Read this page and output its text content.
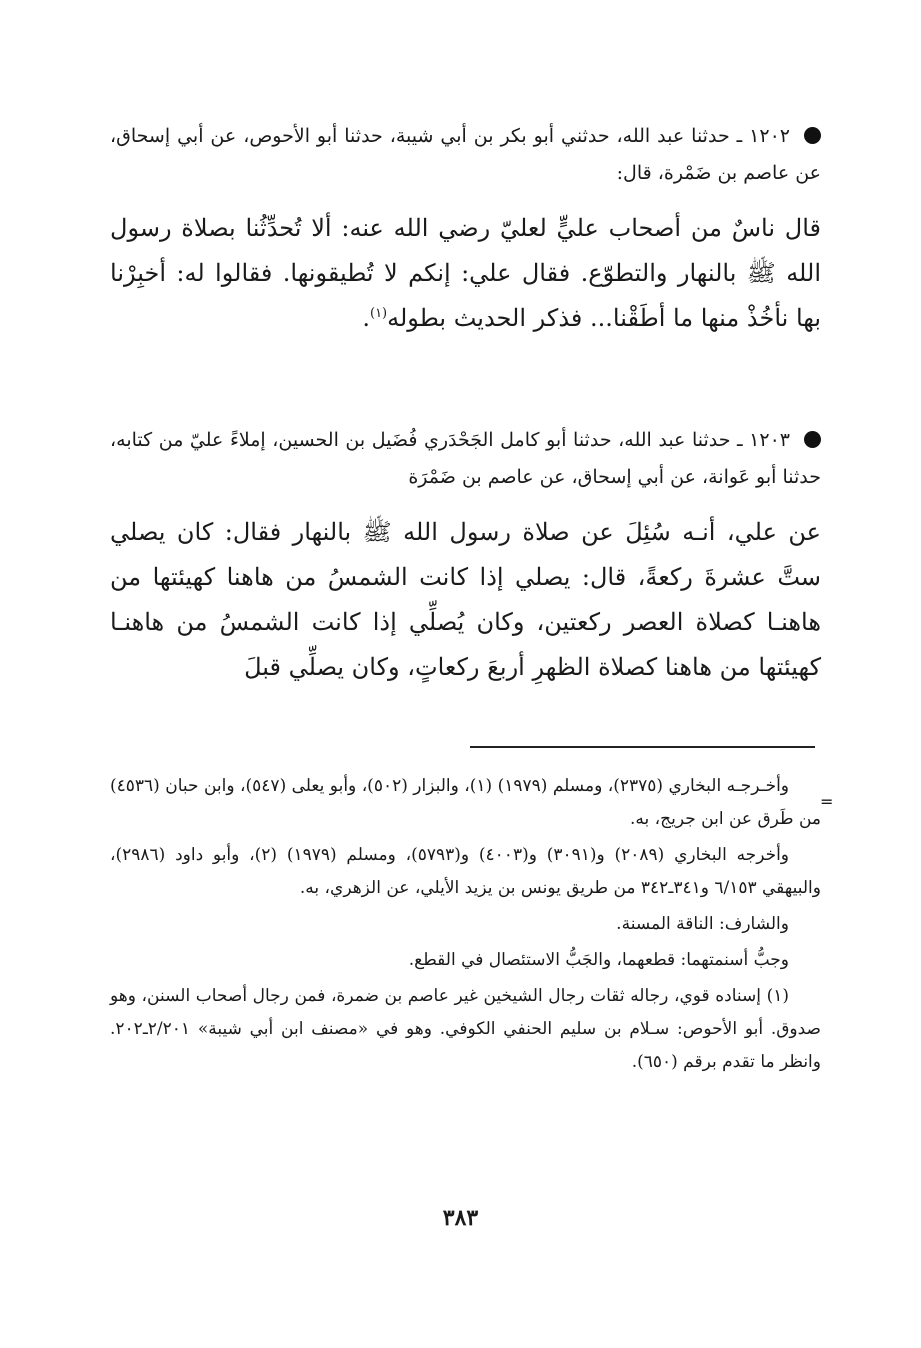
١٢٠٢ ـ حدثنا عبد الله، حدثني أبو بكر بن أبي شيبة، حدثنا أبو الأحوص، عن أبي إسحاق، عن عاصم بن ضَمْرة، قال:
قال ناسٌ من أصحاب عليٍّ لعليّ رضي الله عنه: ألا تُحدِّثُنا بصلاة رسول الله ﷺ بالنهار والتطوّع. فقال علي: إنكم لا تُطيقونها. فقالوا له: أخبِرْنا بها نأخُذْ منها ما أطَقْنا... فذكر الحديث بطوله$^{(١)}$.
١٢٠٣ ـ حدثنا عبد الله، حدثنا أبو كامل الجَحْدَري فُضَيل بن الحسين، إملاءً عليّ من كتابه، حدثنا أبو عَوانة، عن أبي إسحاق، عن عاصم بن ضَمْرَة
عن علي، أنـه سُئِلَ عن صلاة رسول الله ﷺ بالنهار فقال: كان يصلي ستَّ عشرةَ ركعةً، قال: يصلي إذا كانت الشمسُ من هاهنا كهيئتها من هاهنـا كصلاة العصر ركعتين، وكان يُصلِّي إذا كانت الشمسُ من هاهنـا كهيئتها من هاهنا كصلاة الظهرِ أربعَ ركعاتٍ، وكان يصلِّي قبلَ
=

وأخـرجـه البخاري (٢٣٧٥)، ومسلم (١٩٧٩) (١)، والبزار (٥٠٢)، وأبو يعلى (٥٤٧)، وابن حبان (٤٥٣٦) من طَرق عن ابن جريج، به.

وأخرجه البخاري (٢٠٨٩) و(٣٠٩١) و(٤٠٠٣) و(٥٧٩٣)، ومسلم (١٩٧٩) (٢)، وأبو داود (٢٩٨٦)، والبيهقي ٦/١٥٣ و٣٤١ـ٣٤٢ من طريق يونس بن يزيد الأيلي، عن الزهري، به.

والشارف: الناقة المسنة.

وجبُّ أسنمتهما: قطعهما، والجَبُّ الاستئصال في القطع.

(١) إسناده قوي، رجاله ثقات رجال الشيخين غير عاصم بن ضمرة، فمن رجال أصحاب السنن، وهو صدوق. أبو الأحوص: سـلام بن سليم الحنفي الكوفي. وهو في «مصنف ابن أبي شيبة» ٢/٢٠١ـ٢٠٢. وانظر ما تقدم برقم (٦٥٠).

٣٨٣
